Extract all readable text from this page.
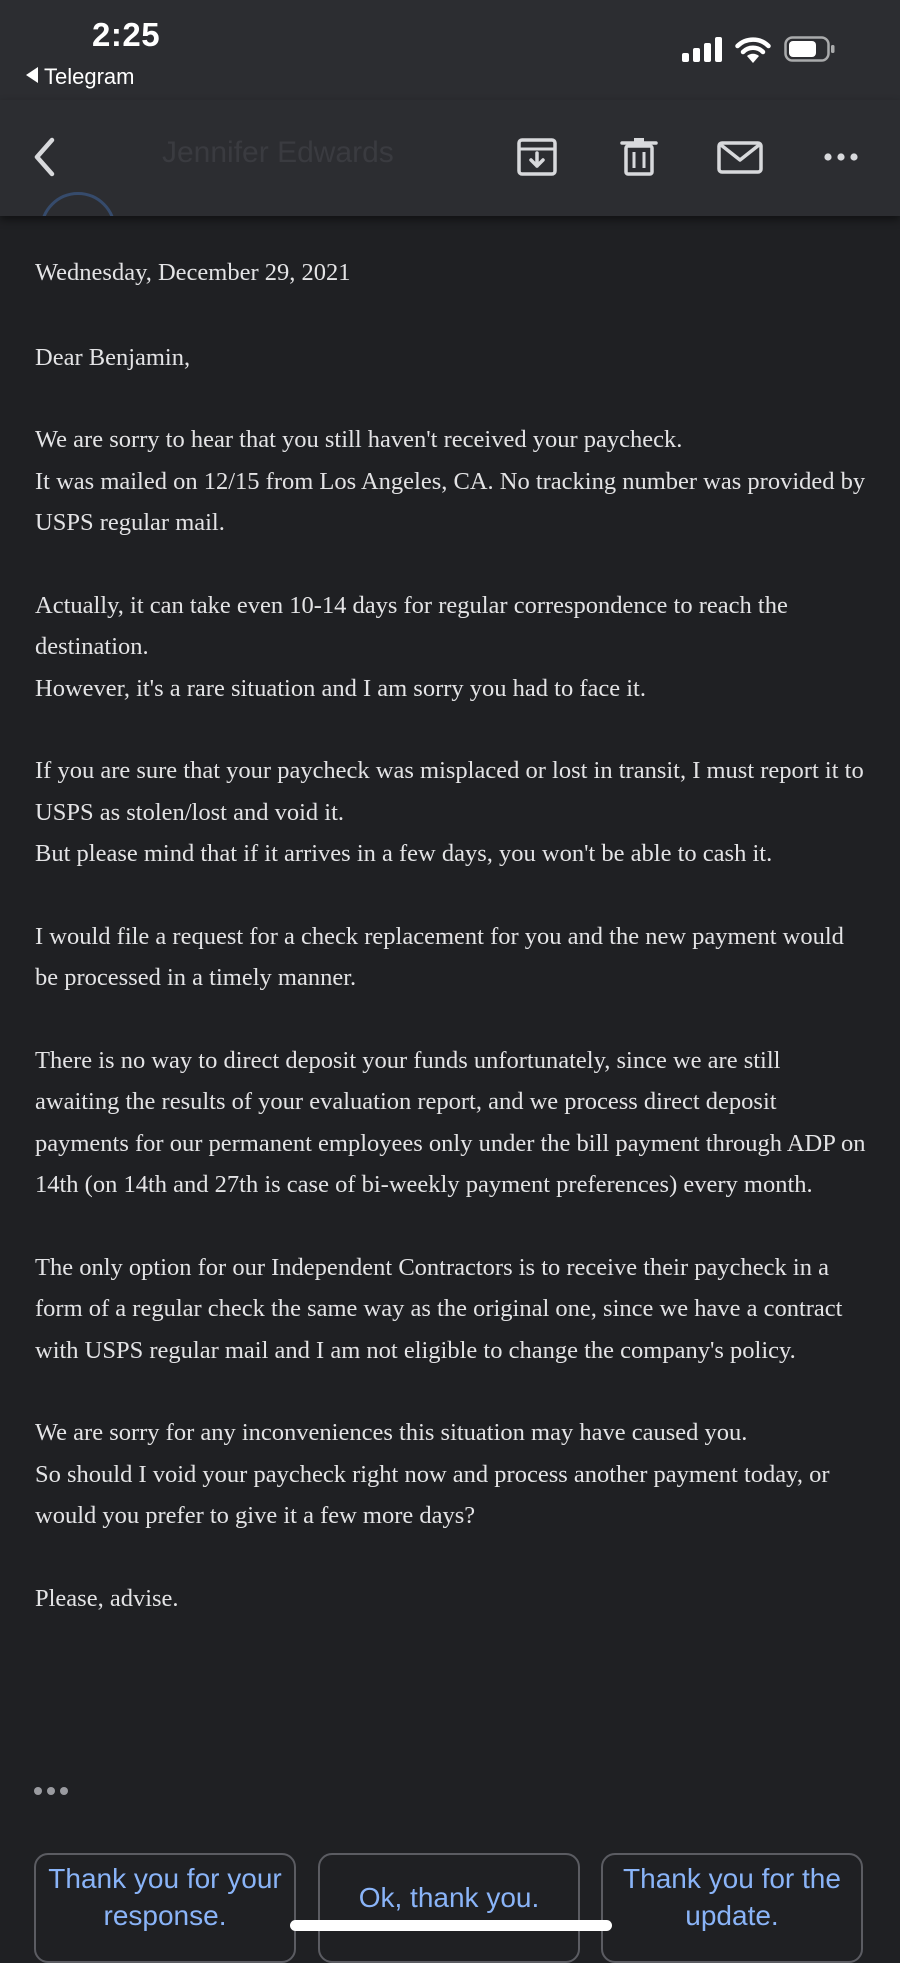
2:25
Telegram
Jennifer Edwards

Wednesday, December 29, 2021

Dear Benjamin,

We are sorry to hear that you still haven't received your paycheck.
It was mailed on 12/15 from Los Angeles, CA. No tracking number was provided by USPS regular mail.

Actually, it can take even 10-14 days for regular correspondence to reach the destination.
However, it's a rare situation and I am sorry you had to face it.

If you are sure that your paycheck was misplaced or lost in transit, I must report it to USPS as stolen/lost and void it.
But please mind that if it arrives in a few days, you won't be able to cash it.

I would file a request for a check replacement for you and the new payment would be processed in a timely manner.

There is no way to direct deposit your funds unfortunately, since we are still awaiting the results of your evaluation report, and we process direct deposit payments for our permanent employees only under the bill payment through ADP on 14th (on 14th and 27th is case of bi-weekly payment preferences) every month.

The only option for our Independent Contractors is to receive their paycheck in a form of a regular check the same way as the original one, since we have a contract with USPS regular mail and I am not eligible to change the company's policy.

We are sorry for any inconveniences this situation may have caused you.
So should I void your paycheck right now and process another payment today, or would you prefer to give it a few more days?

Please, advise.

Thank you for your response.
Ok, thank you.
Thank you for the update.
